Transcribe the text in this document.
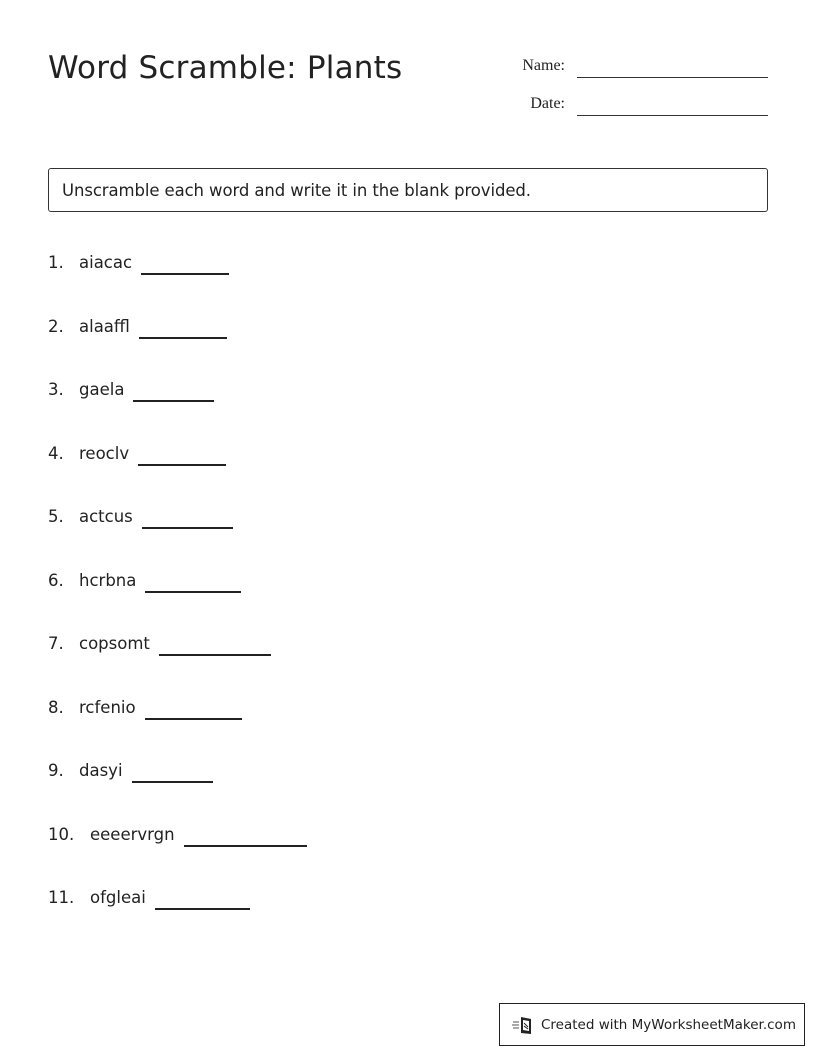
Word Scramble: Plants	Name:
Date:
Unscramble each word and write it in the blank provided.
1. aiacac
2. alaaffl
3. gaela
4. reoclv
5. actcus
6. hcrbna
7. copsomt
8. rcfenio
9. dasyi
10. eeeervrgn
11. ofgleai
Created with MyWorksheetMaker.com
